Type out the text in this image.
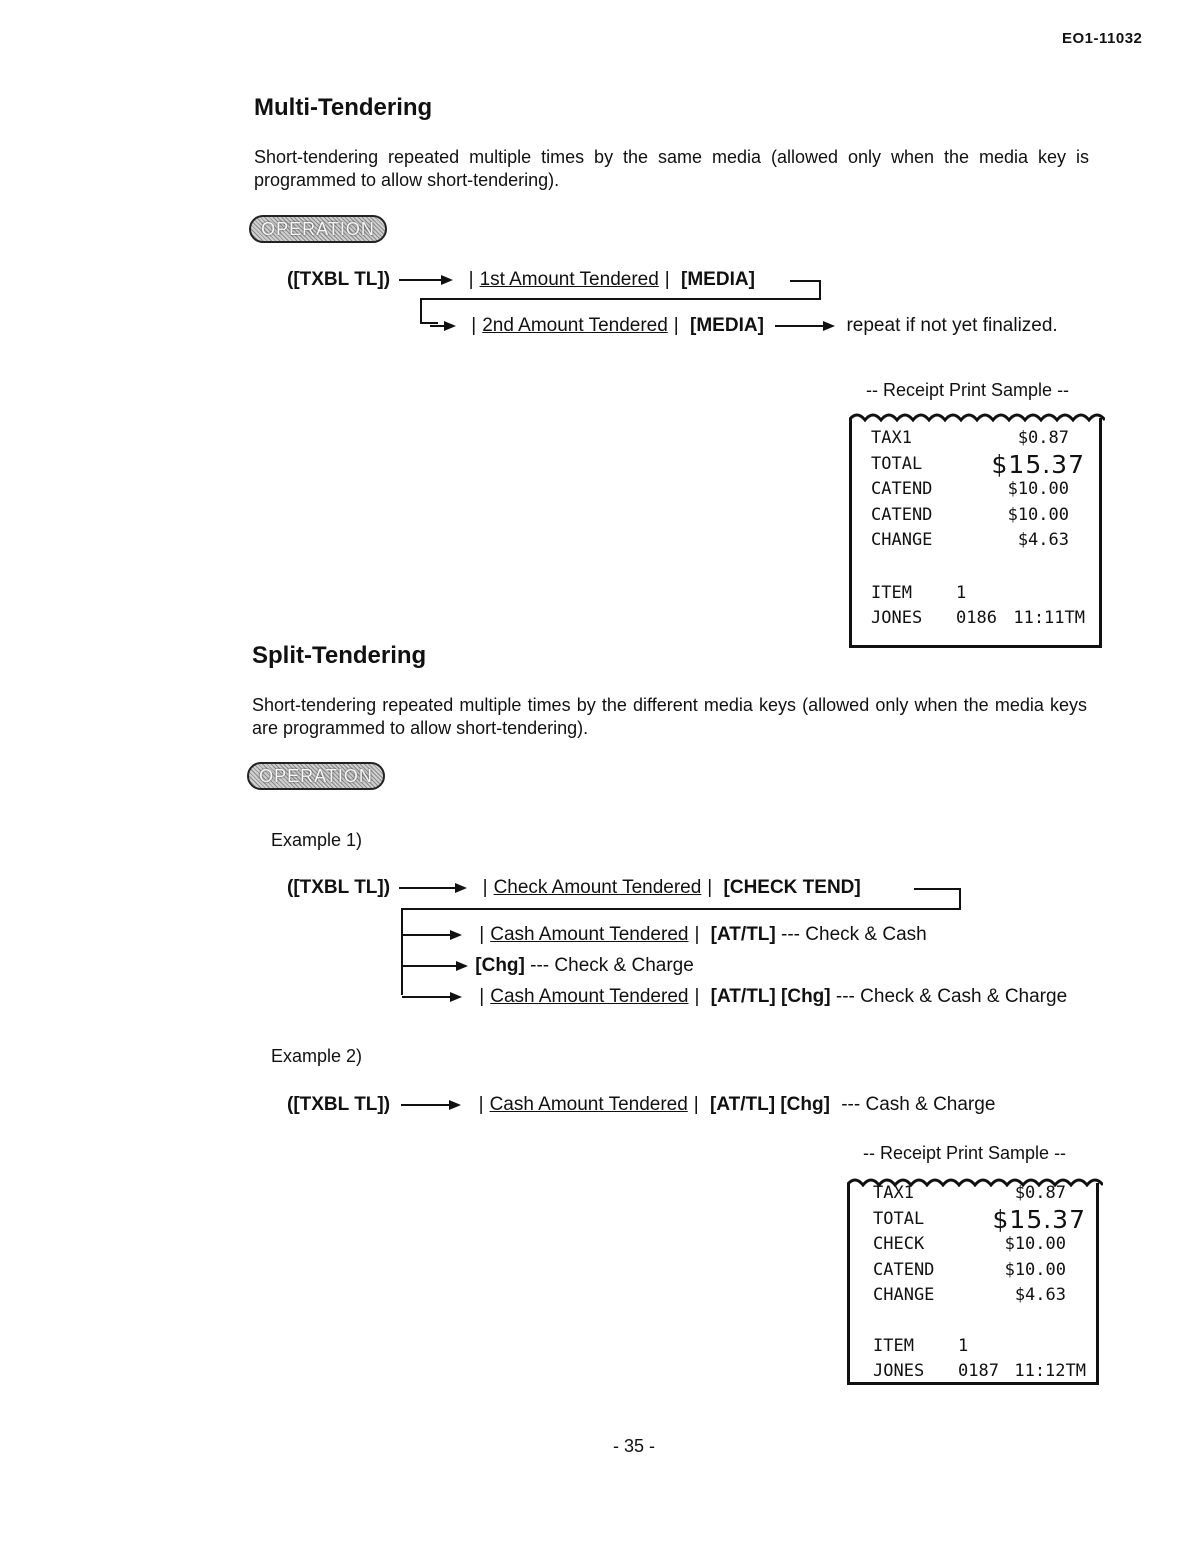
EO1-11032
Multi-Tendering
Short-tendering repeated multiple times by the same media (allowed only when the media key is programmed to allow short-tendering).
OPERATION
([TXBL TL])	| 1st Amount Tendered | [MEDIA]
| 2nd Amount Tendered | [MEDIA]	repeat if not yet finalized.
-- Receipt Print Sample --
TAX1	$0.87
TOTAL	$15.37
CATEND	$10.00
CATEND	$10.00
CHANGE	$4.63
ITEM	1
JONES 0186 11:11TM
Split-Tendering
Short-tendering repeated multiple times by the different media keys (allowed only when the media keys are programmed to allow short-tendering).
OPERATION
Example 1)
([TXBL TL])	| Check Amount Tendered | [CHECK TEND]
| Cash Amount Tendered | [AT/TL] --- Check & Cash
[Chg] --- Check & Charge
| Cash Amount Tendered | [AT/TL] [Chg] --- Check & Cash & Charge
Example 2)
([TXBL TL])	| Cash Amount Tendered | [AT/TL] [Chg] --- Cash & Charge
-- Receipt Print Sample --
TAX1	$0.87
TOTAL	$15.37
CHECK	$10.00
CATEND	$10.00
CHANGE	$4.63
ITEM	1
JONES 0187 11:12TM
- 35 -
